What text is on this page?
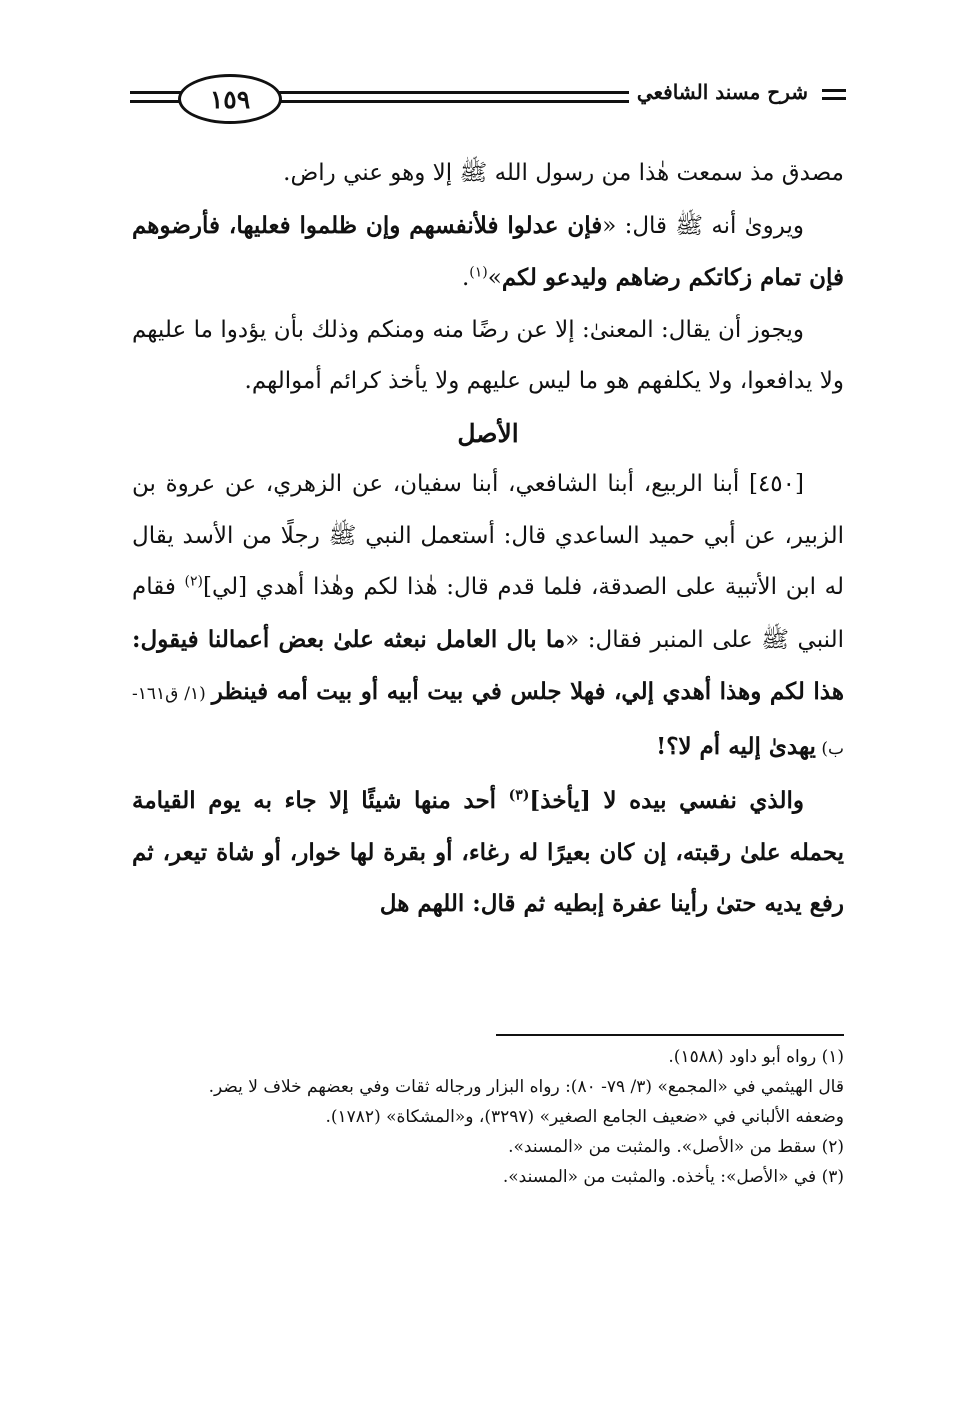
١٥٩	شرح مسند الشافعي

مصدق مذ سمعت هٰذا من رسول الله ﷺ إلا وهو عني راض.

ويروىٰ أنه ﷺ قال: «فإن عدلوا فلأنفسهم وإن ظلموا فعليها، فأرضوهم فإن تمام زكاتكم رضاهم وليدعو لكم»$^{(١)}$.

ويجوز أن يقال: المعنىٰ: إلا عن رضًا منه ومنكم وذلك بأن يؤدوا ما عليهم ولا يدافعوا، ولا يكلفهم هو ما ليس عليهم ولا يأخذ كرائم أموالهم.

الأصل

[٤٥٠] أبنا الربيع، أبنا الشافعي، أبنا سفيان، عن الزهري، عن عروة بن الزبير، عن أبي حميد الساعدي قال: أستعمل النبي ﷺ رجلًا من الأسد يقال له ابن الأتبية على الصدقة، فلما قدم قال: هٰذا لكم وهٰذا أهدي [لي]$^{(٢)}$ فقام النبي ﷺ على المنبر فقال: «ما بال العامل نبعثه علىٰ بعض أعمالنا فيقول: هذا لكم وهذا أهدي إلي، فهلا جلس في بيت أبيه أو بيت أمه فينظر (١/ ق١٦١-ب) يهدىٰ إليه أم لا؟!

والذي نفسي بيده لا [يأخذ]$^{(٣)}$ أحد منها شيئًا إلا جاء به يوم القيامة يحمله علىٰ رقبته، إن كان بعيرًا له رغاء، أو بقرة لها خوار، أو شاة تيعر، ثم رفع يديه حتىٰ رأينا عفرة إبطيه ثم قال: اللهم هل

(١) رواه أبو داود (١٥٨٨).

قال الهيثمي في «المجمع» (٣/ ٧٩- ٨٠): رواه البزار ورجاله ثقات وفي بعضهم خلاف لا يضر.

وضعفه الألباني في «ضعيف الجامع الصغير» (٣٢٩٧)، و«المشكاة» (١٧٨٢).

(٢) سقط من «الأصل». والمثبت من «المسند».

(٣) في «الأصل»: يأخذه. والمثبت من «المسند».
